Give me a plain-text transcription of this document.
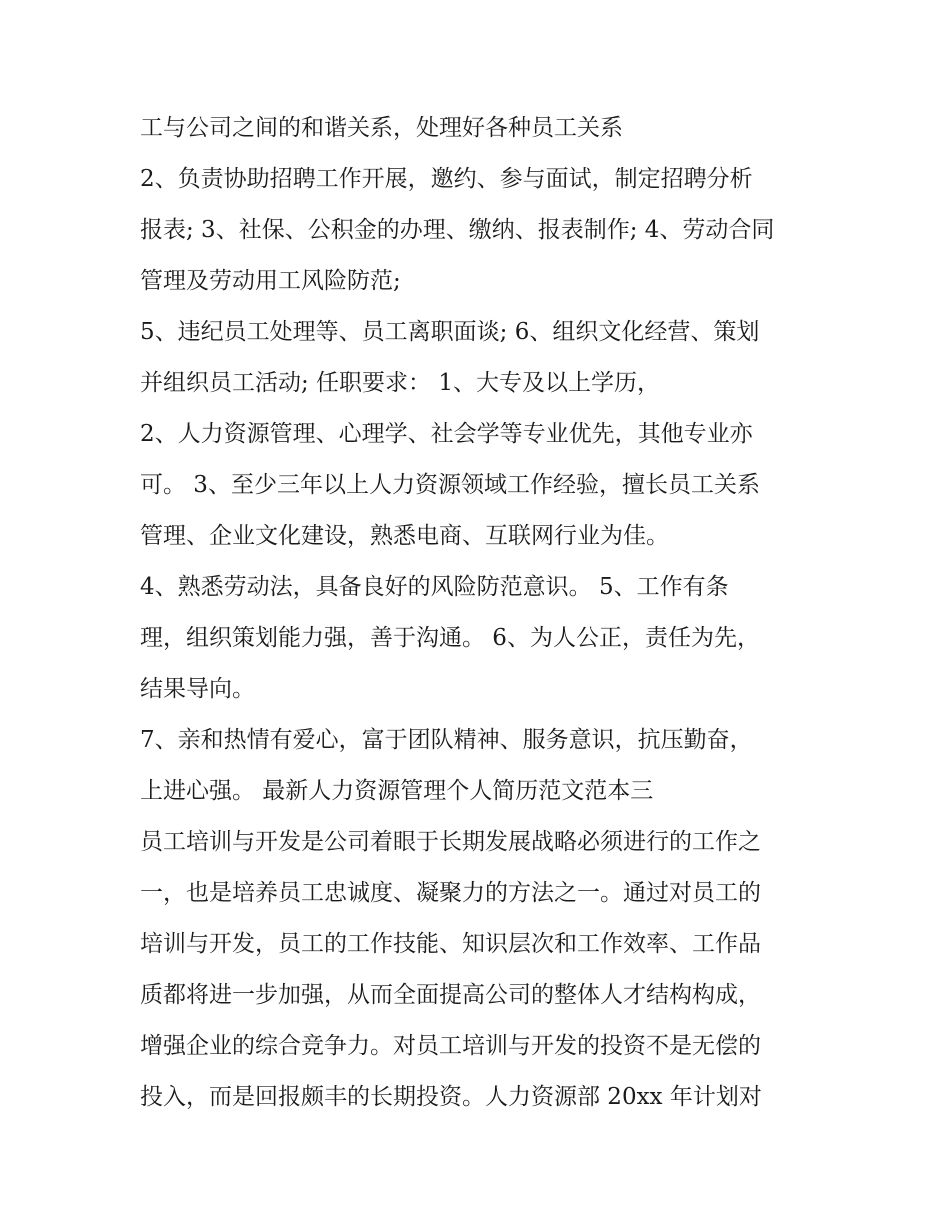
工与公司之间的和谐关系，处理好各种员工关系
2、负责协助招聘工作开展，邀约、参与面试，制定招聘分析
报表; 3、社保、公积金的办理、缴纳、报表制作; 4、劳动合同
管理及劳动用工风险防范;
5、违纪员工处理等、员工离职面谈; 6、组织文化经营、策划
并组织员工活动; 任职要求： 1、大专及以上学历，
2、人力资源管理、心理学、社会学等专业优先，其他专业亦
可。 3、至少三年以上人力资源领域工作经验，擅长员工关系
管理、企业文化建设，熟悉电商、互联网行业为佳。
4、熟悉劳动法，具备良好的风险防范意识。 5、工作有条
理，组织策划能力强，善于沟通。 6、为人公正，责任为先，
结果导向。
7、亲和热情有爱心，富于团队精神、服务意识，抗压勤奋，
上进心强。 最新人力资源管理个人简历范文范本三
员工培训与开发是公司着眼于长期发展战略必须进行的工作之
一，也是培养员工忠诚度、凝聚力的方法之一。通过对员工的
培训与开发，员工的工作技能、知识层次和工作效率、工作品
质都将进一步加强，从而全面提高公司的整体人才结构构成，
增强企业的综合竞争力。对员工培训与开发的投资不是无偿的
投入，而是回报颇丰的长期投资。人力资源部 20xx 年计划对
